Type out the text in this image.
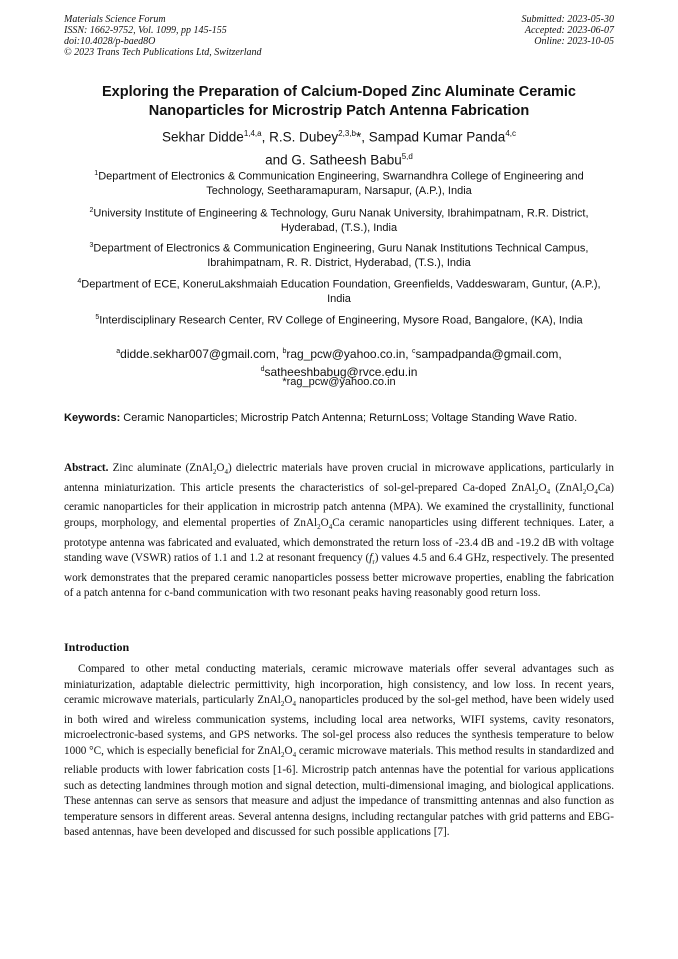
Materials Science Forum
ISSN: 1662-9752, Vol. 1099, pp 145-155
doi:10.4028/p-baed8O
© 2023 Trans Tech Publications Ltd, Switzerland
Submitted: 2023-05-30
Accepted: 2023-06-07
Online: 2023-10-05
Exploring the Preparation of Calcium-Doped Zinc Aluminate Ceramic Nanoparticles for Microstrip Patch Antenna Fabrication
Sekhar Didde$^{1,4,a}$, R.S. Dubey$^{2,3,b}$*, Sampad Kumar Panda$^{4,c}$
and G. Satheesh Babu$^{5,d}$
$^1$Department of Electronics & Communication Engineering, Swarnandhra College of Engineering and Technology, Seetharamapuram, Narsapur, (A.P.), India
$^2$University Institute of Engineering & Technology, Guru Nanak University, Ibrahimpatnam, R.R. District, Hyderabad, (T.S.), India
$^3$Department of Electronics & Communication Engineering, Guru Nanak Institutions Technical Campus, Ibrahimpatnam, R. R. District, Hyderabad, (T.S.), India
$^4$Department of ECE, KoneruLakshmaiah Education Foundation, Greenfields, Vaddeswaram, Guntur, (A.P.), India
$^5$Interdisciplinary Research Center, RV College of Engineering, Mysore Road, Bangalore, (KA), India
$^a$didde.sekhar007@gmail.com, $^b$rag_pcw@yahoo.co.in, $^c$sampadpanda@gmail.com,
$^d$satheeshbabug@rvce.edu.in
*rag_pcw@yahoo.co.in
Keywords: Ceramic Nanoparticles; Microstrip Patch Antenna; ReturnLoss; Voltage Standing Wave Ratio.
Abstract. Zinc aluminate $(ZnAl_2O_4)$ dielectric materials have proven crucial in microwave applications, particularly in antenna miniaturization. This article presents the characteristics of sol-gel-prepared Ca-doped $ZnAl_2O_4$ $(ZnAl_2O_4Ca)$ ceramic nanoparticles for their application in microstrip patch antenna (MPA). We examined the crystallinity, functional groups, morphology, and elemental properties of $ZnAl_2O_4Ca$ ceramic nanoparticles using different techniques. Later, a prototype antenna was fabricated and evaluated, which demonstrated the return loss of -23.4 dB and -19.2 dB with voltage standing wave (VSWR) ratios of 1.1 and 1.2 at resonant frequency $(f_r)$ values 4.5 and 6.4 GHz, respectively. The presented work demonstrates that the prepared ceramic nanoparticles possess better microwave properties, enabling the fabrication of a patch antenna for c-band communication with two resonant peaks having reasonably good return loss.
Introduction

Compared to other metal conducting materials, ceramic microwave materials offer several advantages such as miniaturization, adaptable dielectric permittivity, high incorporation, high consistency, and low loss. In recent years, ceramic microwave materials, particularly $ZnAl_2O_4$ nanoparticles produced by the sol-gel method, have been widely used in both wired and wireless communication systems, including local area networks, WIFI systems, cavity resonators, microelectronic-based systems, and GPS networks. The sol-gel process also reduces the synthesis temperature to below 1000 °C, which is especially beneficial for $ZnAl_2O_4$ ceramic microwave materials. This method results in standardized and reliable products with lower fabrication costs [1-6]. Microstrip patch antennas have the potential for various applications such as detecting landmines through motion and signal detection, multi-dimensional imaging, and biological applications. These antennas can serve as sensors that measure and adjust the impedance of transmitting antennas and also function as temperature sensors in different areas. Several antenna designs, including rectangular patches with grid patterns and EBG-based antennas, have been developed and discussed for such possible applications [7].
